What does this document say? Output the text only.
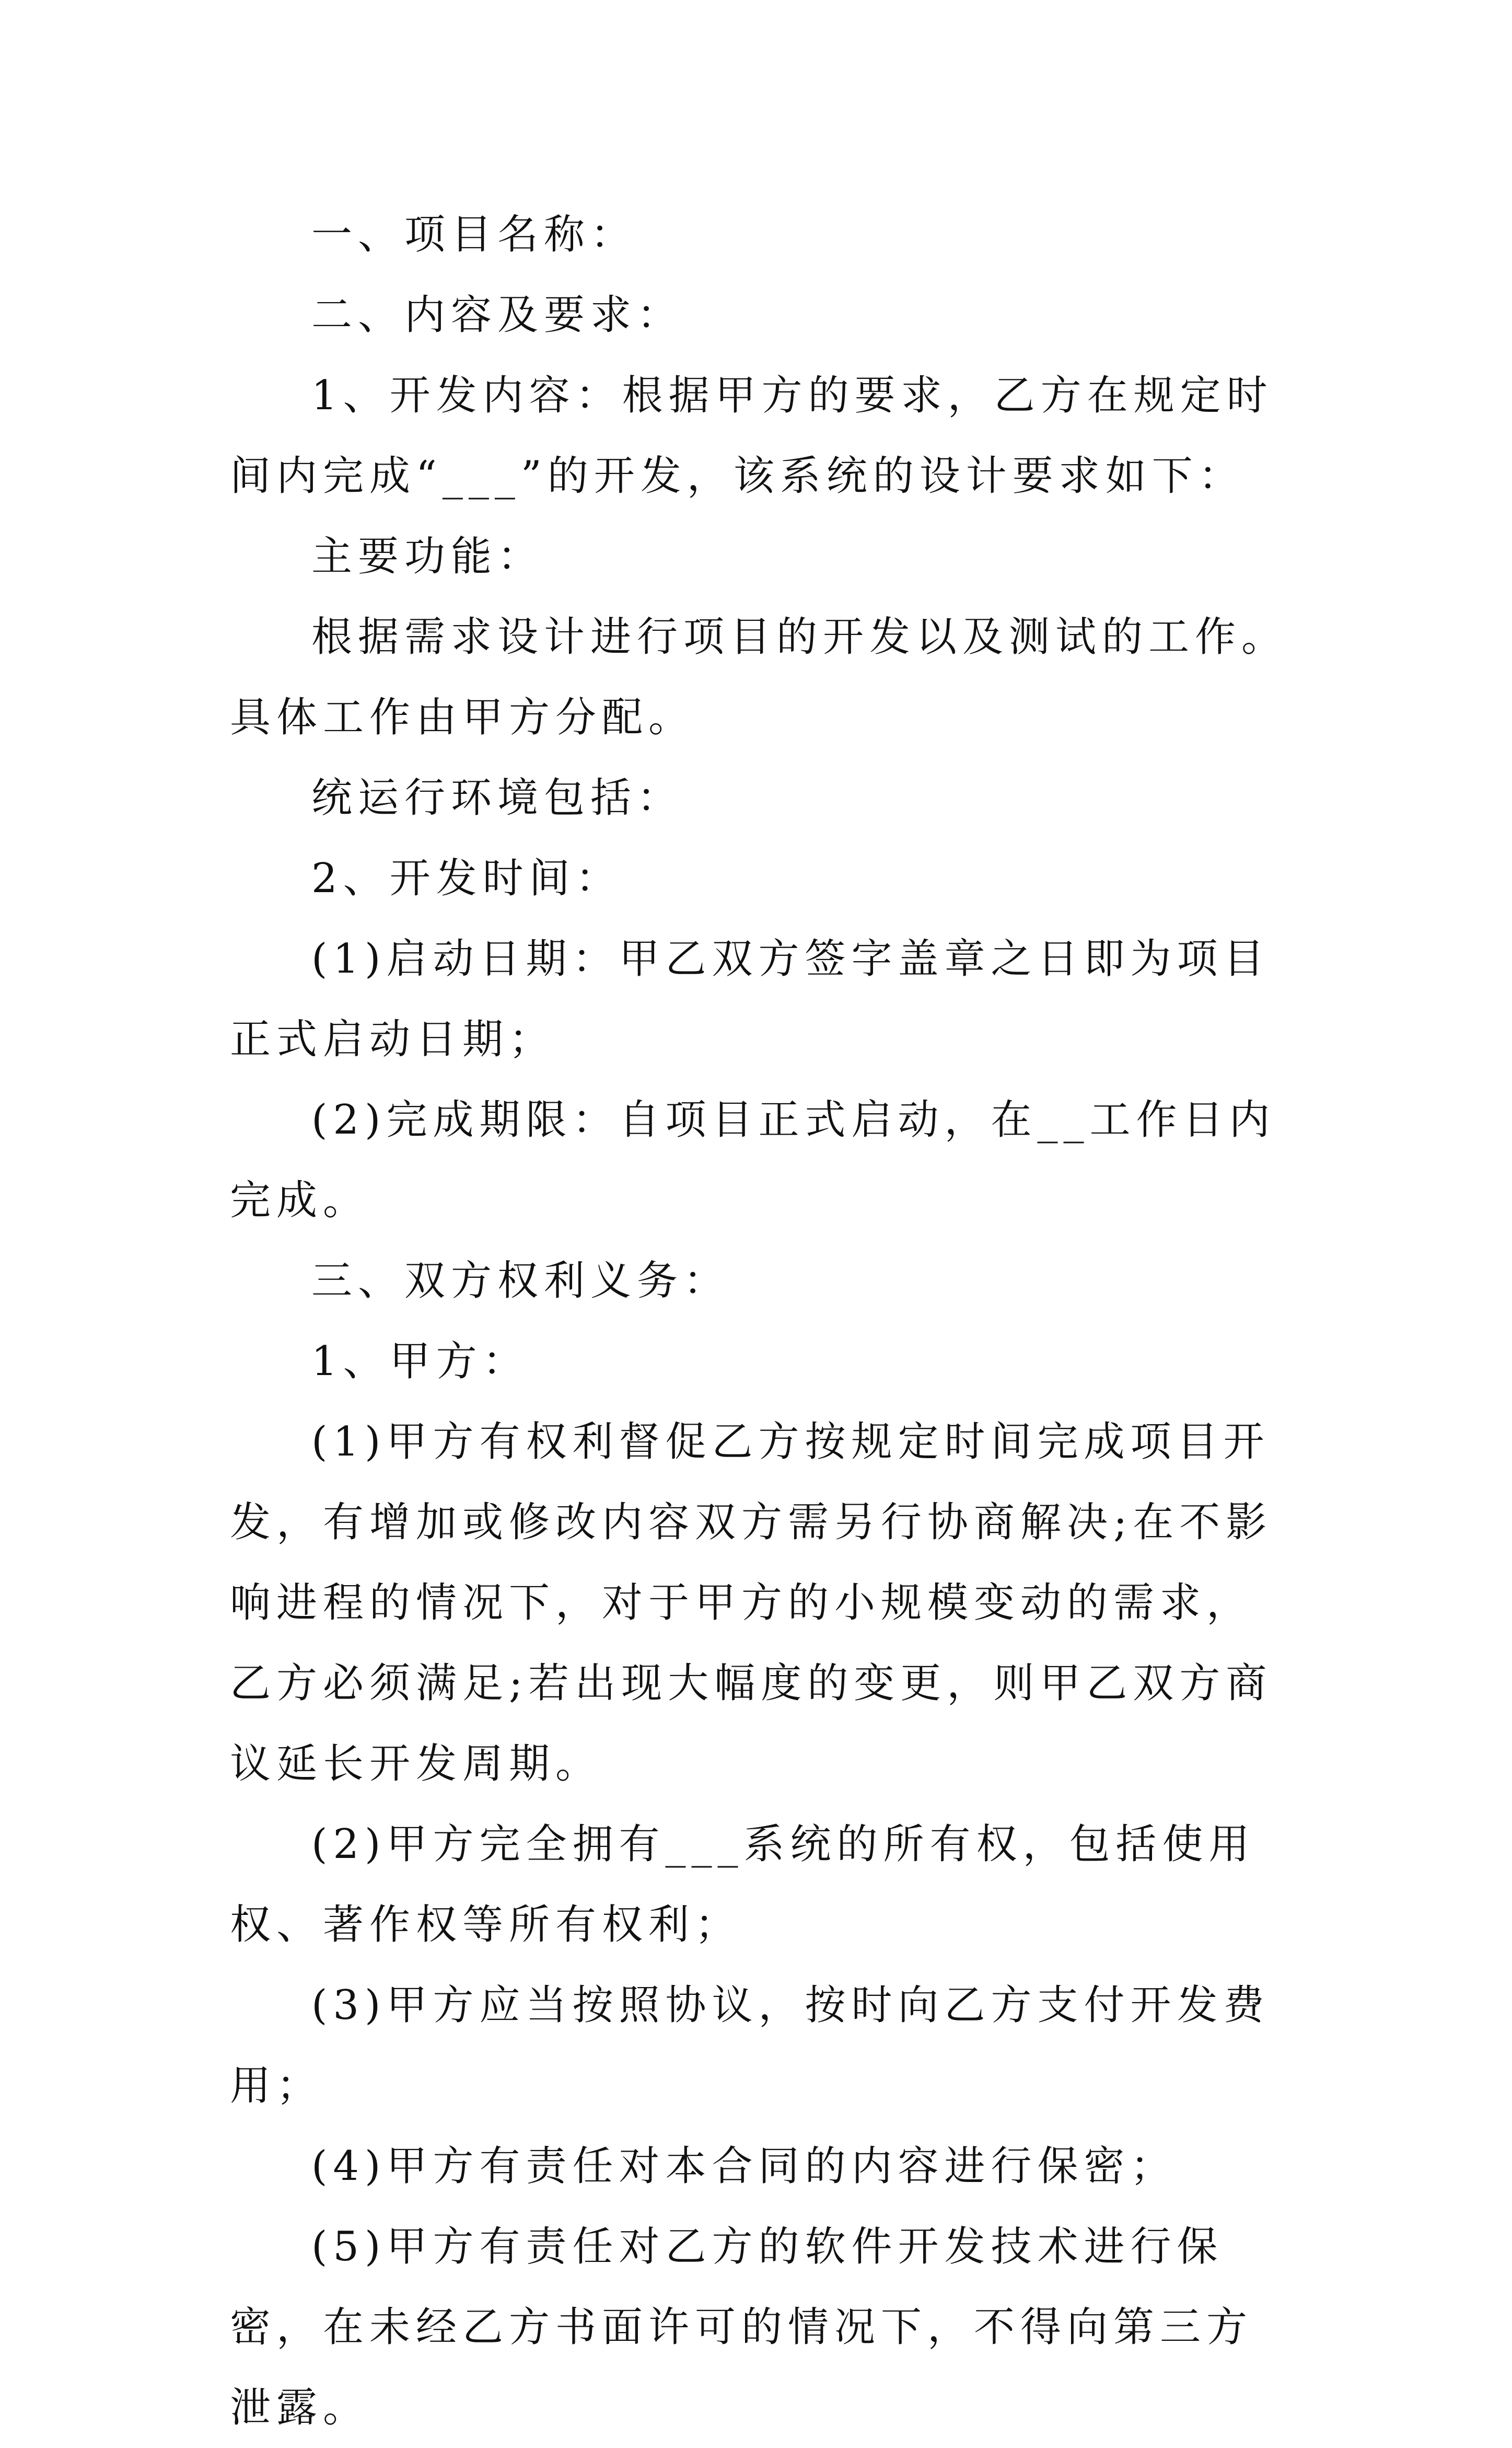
一、项目名称：

二、内容及要求：

1、开发内容：根据甲方的要求，乙方在规定时间内完成“___”的开发，该系统的设计要求如下：

主要功能：

根据需求设计进行项目的开发以及测试的工作。具体工作由甲方分配。

统运行环境包括：

2、开发时间：

(1)启动日期：甲乙双方签字盖章之日即为项目正式启动日期；

(2)完成期限：自项目正式启动，在__工作日内完成。

三、双方权利义务：

1、甲方：

(1)甲方有权利督促乙方按规定时间完成项目开发，有增加或修改内容双方需另行协商解决;在不影响进程的情况下，对于甲方的小规模变动的需求，乙方必须满足;若出现大幅度的变更，则甲乙双方商议延长开发周期。

(2)甲方完全拥有___系统的所有权，包括使用权、著作权等所有权利；

(3)甲方应当按照协议，按时向乙方支付开发费用；

(4)甲方有责任对本合同的内容进行保密；

(5)甲方有责任对乙方的软件开发技术进行保密，在未经乙方书面许可的情况下，不得向第三方泄露。
